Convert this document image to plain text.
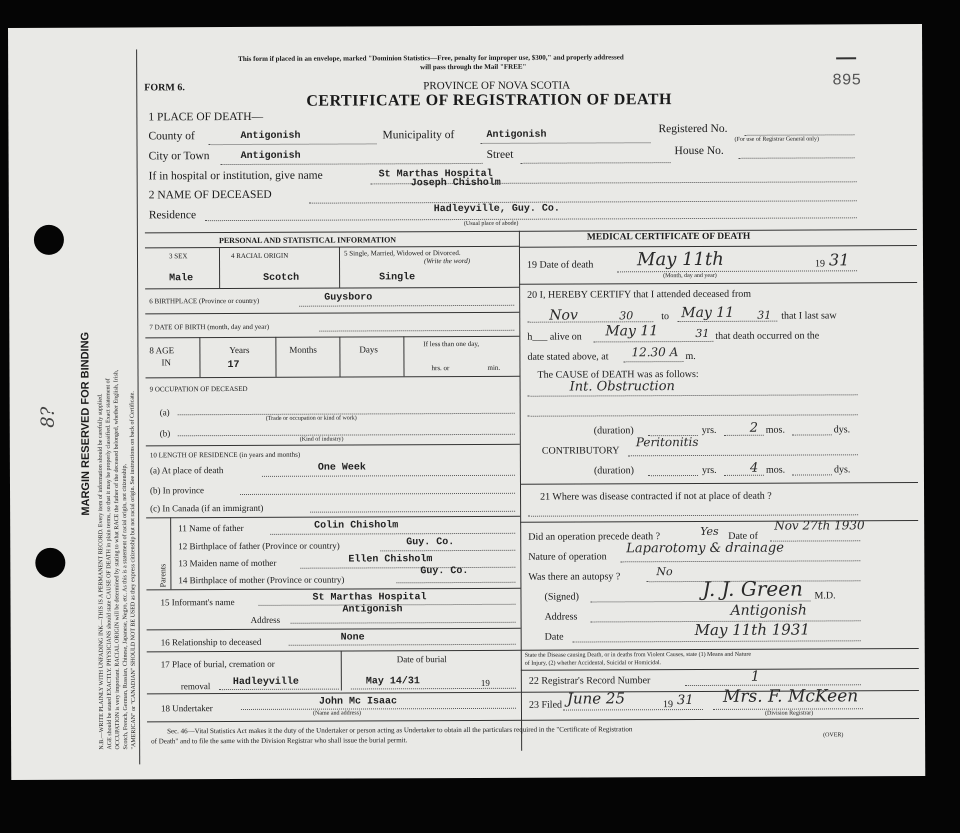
MARGIN RESERVED FOR BINDING N.B.—WRITE PLAINLY WITH UNFADING INK—THIS IS A PERMANENT RECORD. Every item of information should be carefully supplied. AGE should be stated EXACTLY. PHYSICIANS should state CAUSE OF DEATH in plain terms, so that it may be properly classified. Exact statement of OCCUPATION is very important. RACIAL ORIGIN will be determined by stating to what RACE the father of the deceased belonged, whether English, Irish, Scotch, French, German, Russian, Chinese, Japanese, Negro, etc. As this is a statement of racial origin, not citizenship, "AMERICAN" or "CANADIAN" SHOULD NOT BE USED as they express citizenship but not racial origin. See instructions on back of Certificate.
8?
This form if placed in an envelope, marked "Dominion Statistics—Free, penalty for improper use, $300," and properly addressed
will pass through the Mail "FREE"
PROVINCE OF NOVA SCOTIA
FORM 6.
CERTIFICATE OF REGISTRATION OF DEATH
895
1 PLACE OF DEATH—
County of	Antigonish	Municipality of	Antigonish
Registered No.
(For use of Registrar General only)
City or Town	Antigonish	Street	House No.
If in hospital or institution, give name	St Marthas Hospital
2 NAME OF DECEASED
Joseph Chisholm
Residence	Hadleyville, Guy. Co.
(Usual place of abode)
PERSONAL AND STATISTICAL INFORMATION
3 SEX
Male
4 RACIAL ORIGIN
Scotch
5 Single, Married, Widowed or Divorced.
(Write the word)
Single
6 BIRTHPLACE (Province or country)	Guysboro
7 DATE OF BIRTH (month, day and year)
8 AGE
IN
Years
17
Months	Days
If less than one day,
hrs. or	min.
9 OCCUPATION OF DECEASED
(a)
(Trade or occupation or kind of work)
(b)
(Kind of industry)
10 LENGTH OF RESIDENCE (in years and months)
(a) At place of death	One Week
(b) In province
(c) In Canada (if an immigrant)
Parents
11 Name of father	Colin Chisholm
12 Birthplace of father (Province or country)	Guy. Co.
13 Maiden name of mother	Ellen Chisholm
14 Birthplace of mother (Province or country)
Guy. Co.
15 Informant's name	St Marthas Hospital
Antigonish
Address
16 Relationship to deceased	None
17 Place of burial, cremation or
removal Hadleyville
Date of burial
May 14/31	19
18 Undertaker
John Mc Isaac
(Name and address)
MEDICAL CERTIFICATE OF DEATH
19 Date of death May 11th	19 31
(Month, day and year)
20 I, HEREBY CERTIFY that I attended deceased from
Nov	30	to May 11 31 that I last saw
h___ alive on May 11	31 that death occurred on the
date stated above, at 12.30 A m.
The CAUSE of DEATH was as follows:
Int. Obstruction
(duration)	yrs.	2 mos.	dys.
CONTRIBUTORY
Peritonitis
(duration)	yrs.	4 mos.	dys.
21 Where was disease contracted if not at place of death ?
Did an operation precede death ?	Yes Date of
Nov 27th 1930
Nature of operation
Laparotomy & drainage
Was there an autopsy ?	No
(Signed)	J. J. Green M.D.
Address	Antigonish
Date	May 11th 1931
State the Disease causing Death, or in deaths from Violent Causes, state (1) Means and Nature
of Injury, (2) whether Accidental, Suicidal or Homicidal.
22 Registrar's Record Number	1
23 Filed June 25	19 31 Mrs. F. McKeen
(Division Registrar)
Sec. 46—Vital Statistics Act makes it the duty of the Undertaker or person acting as Undertaker to obtain all the particulars required in the "Certificate of Registration
of Death" and to file the same with the Division Registrar who shall issue the burial permit.
(OVER)
